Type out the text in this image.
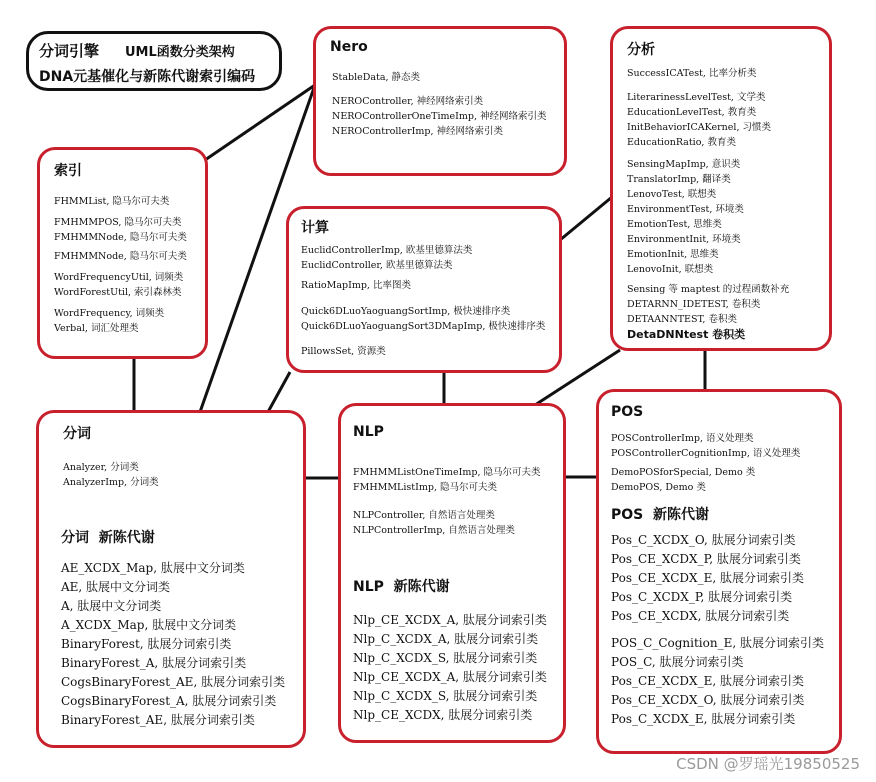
分词引擎 UML函数分类架构
DNA元基催化与新陈代谢索引编码
Nero
StableData, 静态类
NEROController, 神经网络索引类
NEROControllerOneTimeImp, 神经网络索引类
NEROControllerImp, 神经网络索引类
分析
SuccessICATest, 比率分析类
LiterarinessLevelTest, 文学类
EducationLevelTest, 教育类
InitBehaviorICAKernel, 习惯类
EducationRatio, 教育类
SensingMapImp, 意识类
TranslatorImp, 翻译类
LenovoTest, 联想类
EnvironmentTest, 环境类
EmotionTest, 思维类
EnvironmentInit, 环境类
EmotionInit, 思维类
LenovoInit, 联想类
Sensing 等 maptest 的过程函数补充
DETARNN_IDETEST, 卷积类
DETAANNTEST, 卷积类
DetaDNNtest 卷积类
索引
FHMMList, 隐马尔可夫类
FMHMMPOS, 隐马尔可夫类
FMHMMNode, 隐马尔可夫类
FMHMMNode, 隐马尔可夫类
WordFrequencyUtil, 词频类
WordForestUtil, 索引森林类
WordFrequency, 词频类
Verbal, 词汇处理类
计算
EuclidControllerImp, 欧基里德算法类
EuclidController, 欧基里德算法类
RatioMapImp, 比率图类
Quick6DLuoYaoguangSortImp, 极快速排序类
Quick6DLuoYaoguangSort3DMapImp, 极快速排序类
PillowsSet, 资源类
分词
Analyzer, 分词类
AnalyzerImp, 分词类
分词  新陈代谢
AE_XCDX_Map, 肽展中文分词类
AE, 肽展中文分词类
A, 肽展中文分词类
A_XCDX_Map, 肽展中文分词类
BinaryForest, 肽展分词索引类
BinaryForest_A, 肽展分词索引类
CogsBinaryForest_AE, 肽展分词索引类
CogsBinaryForest_A, 肽展分词索引类
BinaryForest_AE, 肽展分词索引类
NLP
FMHMMListOneTimeImp, 隐马尔可夫类
FMHMMListImp, 隐马尔可夫类
NLPController, 自然语言处理类
NLPControllerImp, 自然语言处理类
NLP  新陈代谢
Nlp_CE_XCDX_A, 肽展分词索引类
Nlp_C_XCDX_A, 肽展分词索引类
Nlp_C_XCDX_S, 肽展分词索引类
Nlp_CE_XCDX_A, 肽展分词索引类
Nlp_C_XCDX_S, 肽展分词索引类
Nlp_CE_XCDX, 肽展分词索引类
POS
POSControllerImp, 语义处理类
POSControllerCognitionImp, 语义处理类
DemoPOSforSpecial, Demo 类
DemoPOS, Demo 类
POS  新陈代谢
Pos_C_XCDX_O, 肽展分词索引类
Pos_CE_XCDX_P, 肽展分词索引类
Pos_CE_XCDX_E, 肽展分词索引类
Pos_C_XCDX_P, 肽展分词索引类
Pos_CE_XCDX, 肽展分词索引类
POS_C_Cognition_E, 肽展分词索引类
POS_C, 肽展分词索引类
Pos_CE_XCDX_E, 肽展分词索引类
Pos_CE_XCDX_O, 肽展分词索引类
Pos_C_XCDX_E, 肽展分词索引类
CSDN @罗瑶光19850525
